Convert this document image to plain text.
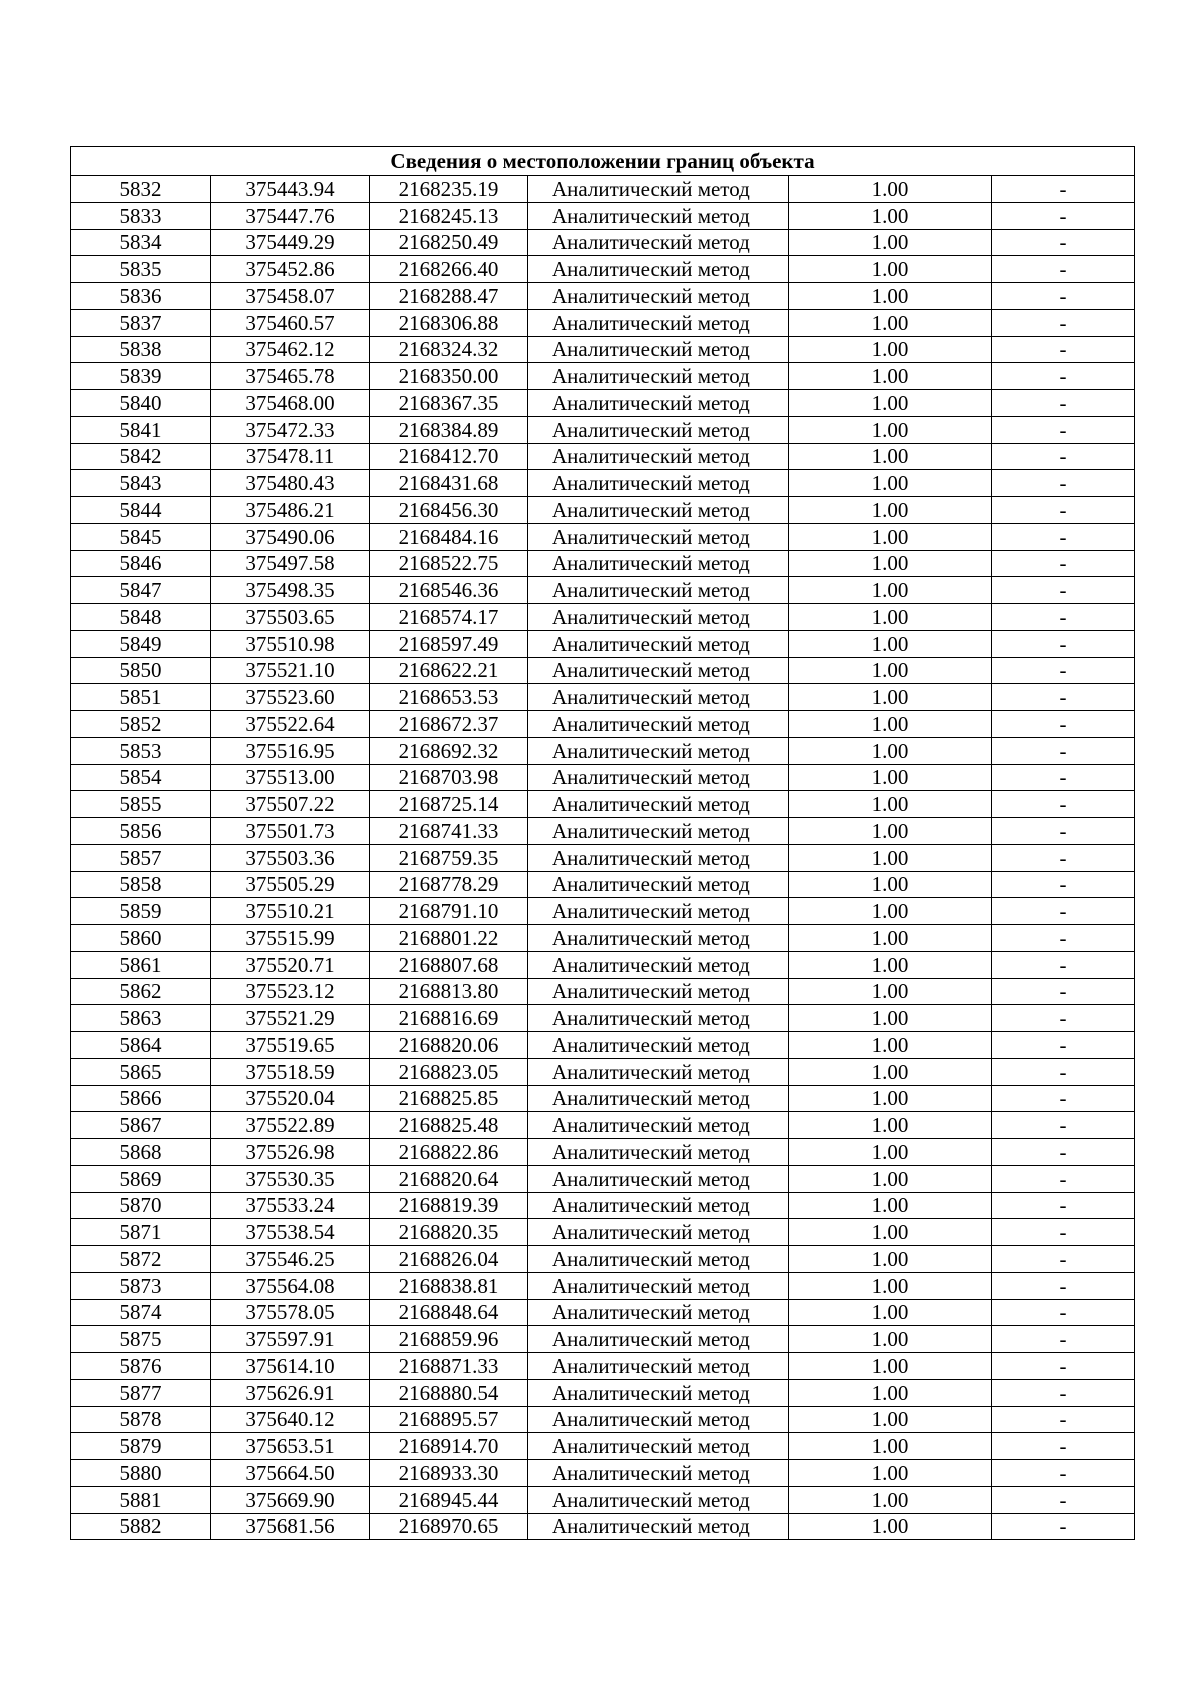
Сведения о местоположении границ объекта					
5832	375443.94	2168235.19	Аналитический метод	1.00	-
5833	375447.76	2168245.13	Аналитический метод	1.00	-
5834	375449.29	2168250.49	Аналитический метод	1.00	-
5835	375452.86	2168266.40	Аналитический метод	1.00	-
5836	375458.07	2168288.47	Аналитический метод	1.00	-
5837	375460.57	2168306.88	Аналитический метод	1.00	-
5838	375462.12	2168324.32	Аналитический метод	1.00	-
5839	375465.78	2168350.00	Аналитический метод	1.00	-
5840	375468.00	2168367.35	Аналитический метод	1.00	-
5841	375472.33	2168384.89	Аналитический метод	1.00	-
5842	375478.11	2168412.70	Аналитический метод	1.00	-
5843	375480.43	2168431.68	Аналитический метод	1.00	-
5844	375486.21	2168456.30	Аналитический метод	1.00	-
5845	375490.06	2168484.16	Аналитический метод	1.00	-
5846	375497.58	2168522.75	Аналитический метод	1.00	-
5847	375498.35	2168546.36	Аналитический метод	1.00	-
5848	375503.65	2168574.17	Аналитический метод	1.00	-
5849	375510.98	2168597.49	Аналитический метод	1.00	-
5850	375521.10	2168622.21	Аналитический метод	1.00	-
5851	375523.60	2168653.53	Аналитический метод	1.00	-
5852	375522.64	2168672.37	Аналитический метод	1.00	-
5853	375516.95	2168692.32	Аналитический метод	1.00	-
5854	375513.00	2168703.98	Аналитический метод	1.00	-
5855	375507.22	2168725.14	Аналитический метод	1.00	-
5856	375501.73	2168741.33	Аналитический метод	1.00	-
5857	375503.36	2168759.35	Аналитический метод	1.00	-
5858	375505.29	2168778.29	Аналитический метод	1.00	-
5859	375510.21	2168791.10	Аналитический метод	1.00	-
5860	375515.99	2168801.22	Аналитический метод	1.00	-
5861	375520.71	2168807.68	Аналитический метод	1.00	-
5862	375523.12	2168813.80	Аналитический метод	1.00	-
5863	375521.29	2168816.69	Аналитический метод	1.00	-
5864	375519.65	2168820.06	Аналитический метод	1.00	-
5865	375518.59	2168823.05	Аналитический метод	1.00	-
5866	375520.04	2168825.85	Аналитический метод	1.00	-
5867	375522.89	2168825.48	Аналитический метод	1.00	-
5868	375526.98	2168822.86	Аналитический метод	1.00	-
5869	375530.35	2168820.64	Аналитический метод	1.00	-
5870	375533.24	2168819.39	Аналитический метод	1.00	-
5871	375538.54	2168820.35	Аналитический метод	1.00	-
5872	375546.25	2168826.04	Аналитический метод	1.00	-
5873	375564.08	2168838.81	Аналитический метод	1.00	-
5874	375578.05	2168848.64	Аналитический метод	1.00	-
5875	375597.91	2168859.96	Аналитический метод	1.00	-
5876	375614.10	2168871.33	Аналитический метод	1.00	-
5877	375626.91	2168880.54	Аналитический метод	1.00	-
5878	375640.12	2168895.57	Аналитический метод	1.00	-
5879	375653.51	2168914.70	Аналитический метод	1.00	-
5880	375664.50	2168933.30	Аналитический метод	1.00	-
5881	375669.90	2168945.44	Аналитический метод	1.00	-
5882	375681.56	2168970.65	Аналитический метод	1.00	-
